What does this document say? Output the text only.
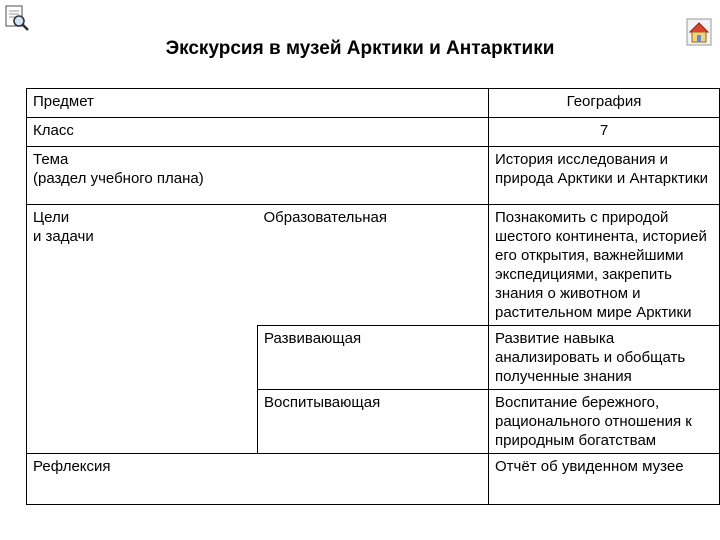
Экскурсия в музей Арктики и Антарктики
Предмет		География
Класс		7

Тема
(раздел учебного плана)		История исследования и природа Арктики и Антарктики

Цели
и задачи	Образовательная	Познакомить с природой шестого континента, историей его открытия, важнейшими экспедициями, закрепить знания о животном и растительном мире Арктики
	Развивающая	Развитие навыка анализировать и обобщать полученные знания
	Воспитывающая	Воспитание бережного, рационального отношения к природным богатствам
Рефлексия		Отчёт об увиденном музее
